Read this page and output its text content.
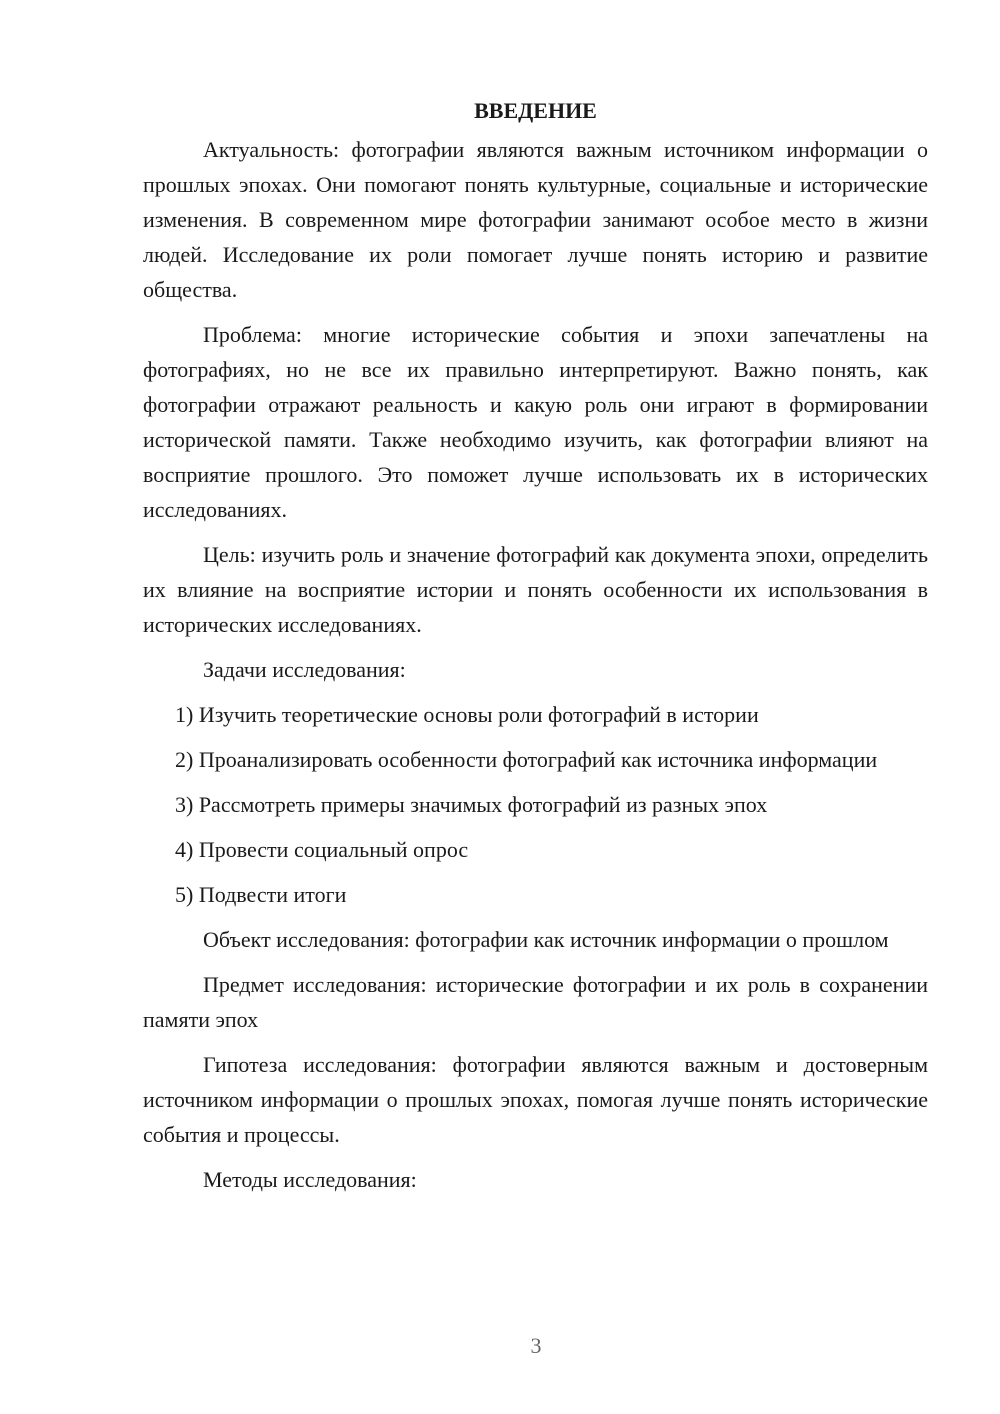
ВВЕДЕНИЕ

Актуальность: фотографии являются важным источником информации о прошлых эпохах. Они помогают понять культурные, социальные и исторические изменения. В современном мире фотографии занимают особое место в жизни людей. Исследование их роли помогает лучше понять историю и развитие общества.

Проблема: многие исторические события и эпохи запечатлены на фотографиях, но не все их правильно интерпретируют. Важно понять, как фотографии отражают реальность и какую роль они играют в формировании исторической памяти. Также необходимо изучить, как фотографии влияют на восприятие прошлого. Это поможет лучше использовать их в исторических исследованиях.

Цель: изучить роль и значение фотографий как документа эпохи, определить их влияние на восприятие истории и понять особенности их использования в исторических исследованиях.

Задачи исследования:

1) Изучить теоретические основы роли фотографий в истории

2) Проанализировать особенности фотографий как источника информации

3) Рассмотреть примеры значимых фотографий из разных эпох

4) Провести социальный опрос

5) Подвести итоги

Объект исследования: фотографии как источник информации о прошлом

Предмет исследования: исторические фотографии и их роль в сохранении памяти эпох

Гипотеза исследования: фотографии являются важным и достоверным источником информации о прошлых эпохах, помогая лучше понять исторические события и процессы.

Методы исследования:

3
